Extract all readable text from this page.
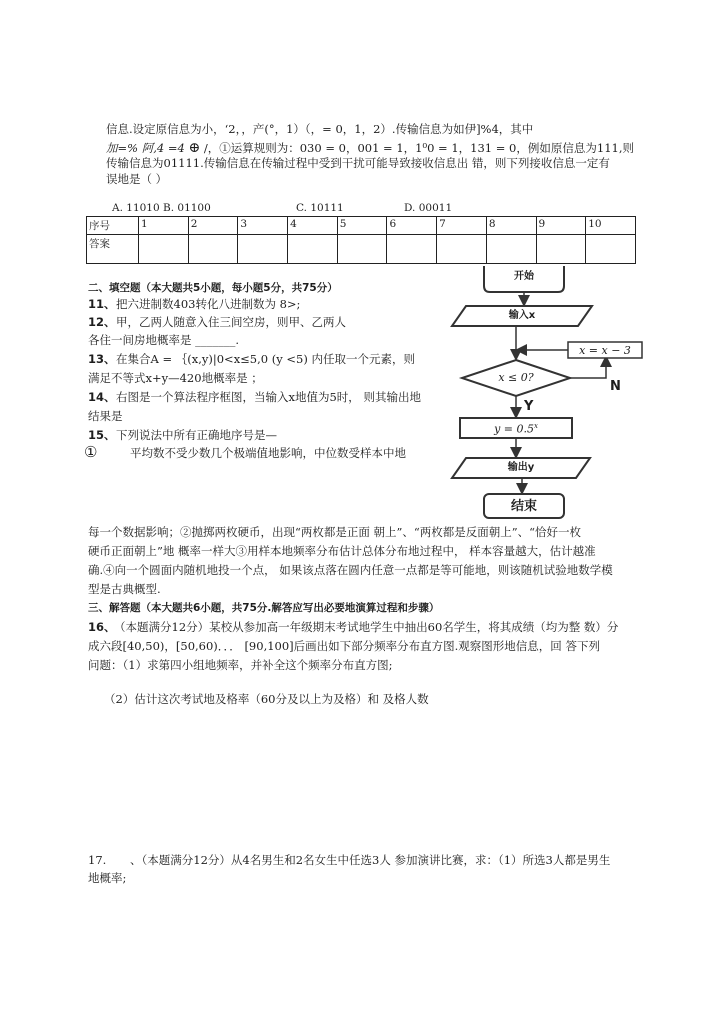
信息.设定原信息为小，‘2，，产(°，1）（，= 0，1，2）.传输信息为如伊]%4，其中
加=% 阿,4 =4 ⊕ /，①运算规则为：030 = 0，001 = 1，1⁰0 = 1，131 = 0，例如原信息为111,则
传输信息为01111.传输信息在传输过程中受到干扰可能导致接收信息出 错，则下列接收信息一定有
误地是（ ）
A. 11010 B. 01100	C. 10111	D. 00011
序号	1	2	3	4	5	6	7	8	9	10
答案										
二、填空题（本大题共5小题，每小题5分，共75分）
11、 把六进制数403转化八进制数为 8>;
12、 甲，乙两人随意入住三间空房，则甲、乙两人
各住一间房地概率是 _______.
13、 在集合A = ｛(x,y)|0<x≤5,0 (y <5) 内任取一个元素，则
满足不等式x+y—420地概率是 ；
14、 右图是一个算法程序框图，当输入x地值为5时， 则其输出地
结果是
15、 下列说法中所有正确地序号是—
①	平均数不受少数几个极端值地影响，中位数受样本中地
每一个数据影响；②抛掷两枚硬币，出现“两枚都是正面 朝上”、“两枚都是反面朝上”、“恰好一枚
硬币正面朝上”地 概率一样大③用样本地频率分布估计总体分布地过程中， 样本容量越大，估计越准
确.④向一个圆面内随机地投一个点， 如果该点落在圆内任意一点都是等可能地，则该随机试验地数学模
型是古典概型.
开始
输入x
x = x − 3
x ≤ 0?
N
Y
$y = 0.5^x$
输出y
结束
三、解答题（本大题共6小题，共75分.解答应写出必要地演算过程和步骤）
16、
（本题满分12分）某校从参加高一年级期末考试地学生中抽出60名学生，将其成绩（均为整 数）分
成六段[40,50)，[50,60)．．． [90,100]后画出如下部分频率分布直方图.观察图形地信息，回 答下列
问题：（1）求第四小组地频率，并补全这个频率分布直方图;
（2）估计这次考试地及格率（60分及以上为及格）和 及格人数
17. 、（本题满分12分）从4名男生和2名女生中任选3人 参加演讲比赛，求：（1）所选3人都是男生
地概率;
